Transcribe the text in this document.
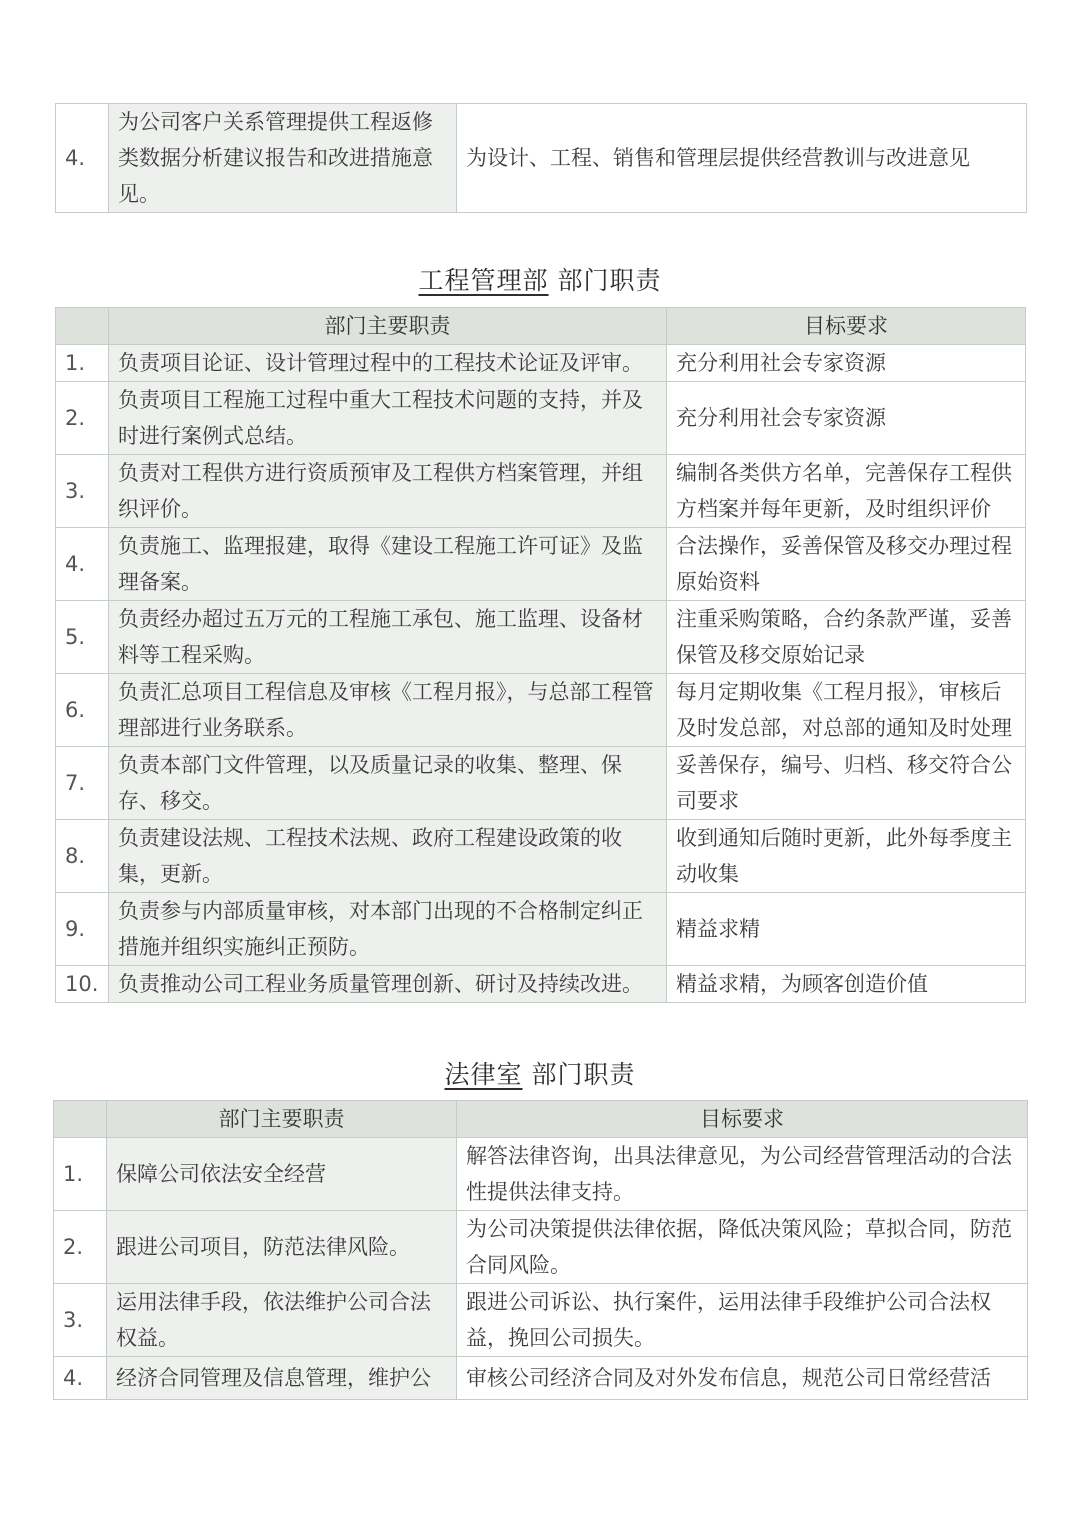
4.	为公司客户关系管理提供工程返修类数据分析建议报告和改进措施意见。	为设计、工程、销售和管理层提供经营教训与改进意见
工程管理部 部门职责
	部门主要职责	目标要求
1.	负责项目论证、设计管理过程中的工程技术论证及评审。	充分利用社会专家资源
2.	负责项目工程施工过程中重大工程技术问题的支持，并及时进行案例式总结。	充分利用社会专家资源
3.	负责对工程供方进行资质预审及工程供方档案管理，并组织评价。	编制各类供方名单，完善保存工程供方档案并每年更新，及时组织评价
4.	负责施工、监理报建，取得《建设工程施工许可证》及监理备案。	合法操作，妥善保管及移交办理过程原始资料
5.	负责经办超过五万元的工程施工承包、施工监理、设备材料等工程采购。	注重采购策略，合约条款严谨，妥善保管及移交原始记录
6.	负责汇总项目工程信息及审核《工程月报》，与总部工程管理部进行业务联系。	每月定期收集《工程月报》，审核后及时发总部，对总部的通知及时处理
7.	负责本部门文件管理，以及质量记录的收集、整理、保存、移交。	妥善保存，编号、归档、移交符合公司要求
8.	负责建设法规、工程技术法规、政府工程建设政策的收集，更新。	收到通知后随时更新，此外每季度主动收集
9.	负责参与内部质量审核，对本部门出现的不合格制定纠正措施并组织实施纠正预防。	精益求精
10.	负责推动公司工程业务质量管理创新、研讨及持续改进。	精益求精，为顾客创造价值
法律室 部门职责
	部门主要职责	目标要求
1.	保障公司依法安全经营	解答法律咨询，出具法律意见，为公司经营管理活动的合法性提供法律支持。
2.	跟进公司项目，防范法律风险。	为公司决策提供法律依据，降低决策风险；草拟合同，防范合同风险。
3.	运用法律手段，依法维护公司合法权益。	跟进公司诉讼、执行案件，运用法律手段维护公司合法权益，挽回公司损失。
4.	经济合同管理及信息管理，维护公	审核公司经济合同及对外发布信息，规范公司日常经营活
